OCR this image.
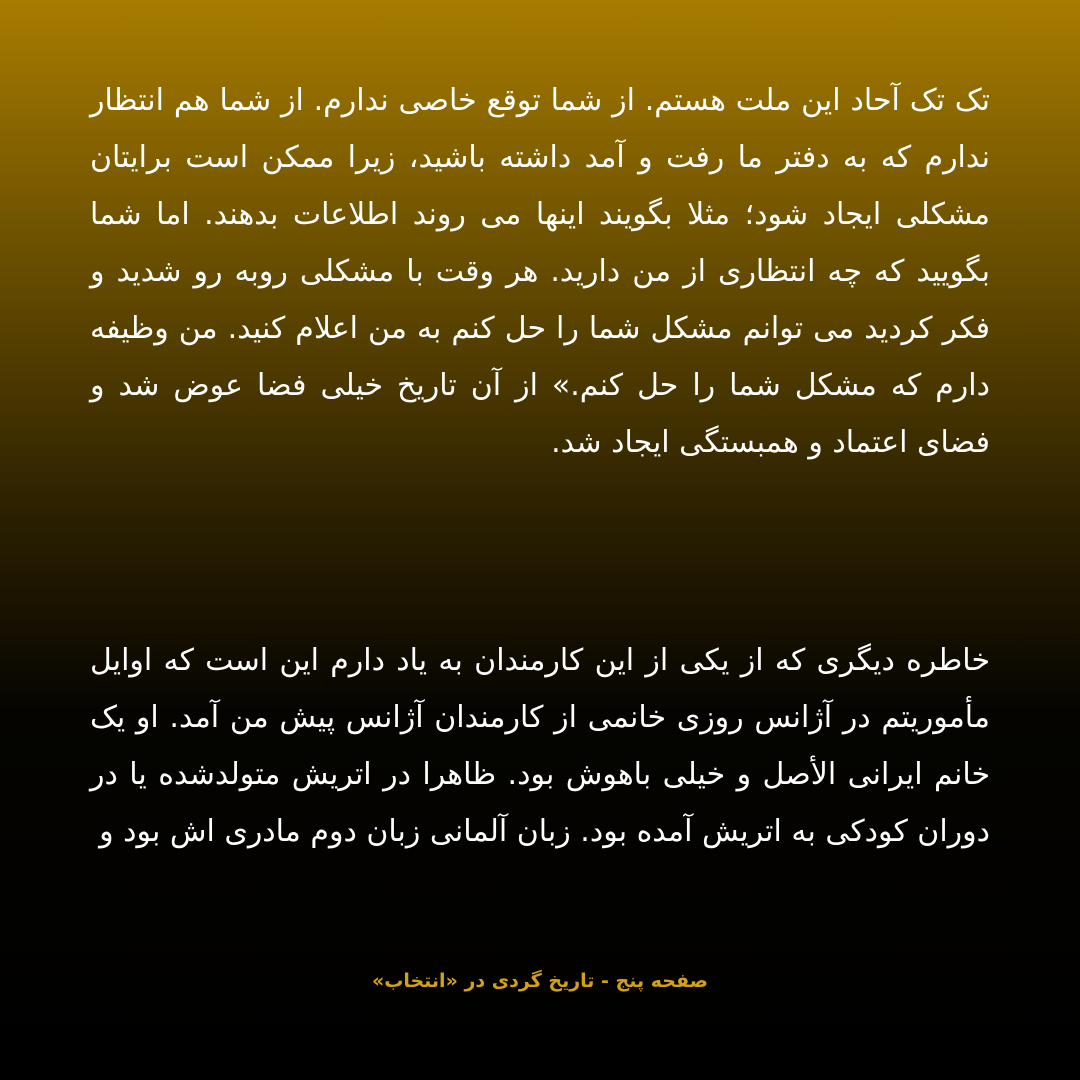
تک تک آحاد این ملت هستم. از شما توقع خاصی ندارم. از شما هم انتظار ندارم که به دفتر ما رفت و آمد داشته باشید، زیرا ممکن است برایتان مشکلی ایجاد شود؛ مثلا بگویند اینها می روند اطلاعات بدهند. اما شما بگویید که چه انتظاری از من دارید. هر وقت با مشکلی روبه رو شدید و فکر کردید می توانم مشکل شما را حل کنم به من اعلام کنید. من وظیفه دارم که مشکل شما را حل کنم.» از آن تاریخ خیلی فضا عوض شد و فضای اعتماد و همبستگی ایجاد شد.

خاطره دیگری که از یکی از این کارمندان به یاد دارم این است که اوایل مأموریتم در آژانس روزی خانمی از کارمندان آژانس پیش من آمد. او یک خانم ایرانی الأصل و خیلی باهوش بود. ظاهرا در اتریش متولدشده یا در دوران کودکی به اتریش آمده بود. زبان آلمانی زبان دوم مادری اش بود و

صفحه پنج - تاریخ گردی در «انتخاب»
